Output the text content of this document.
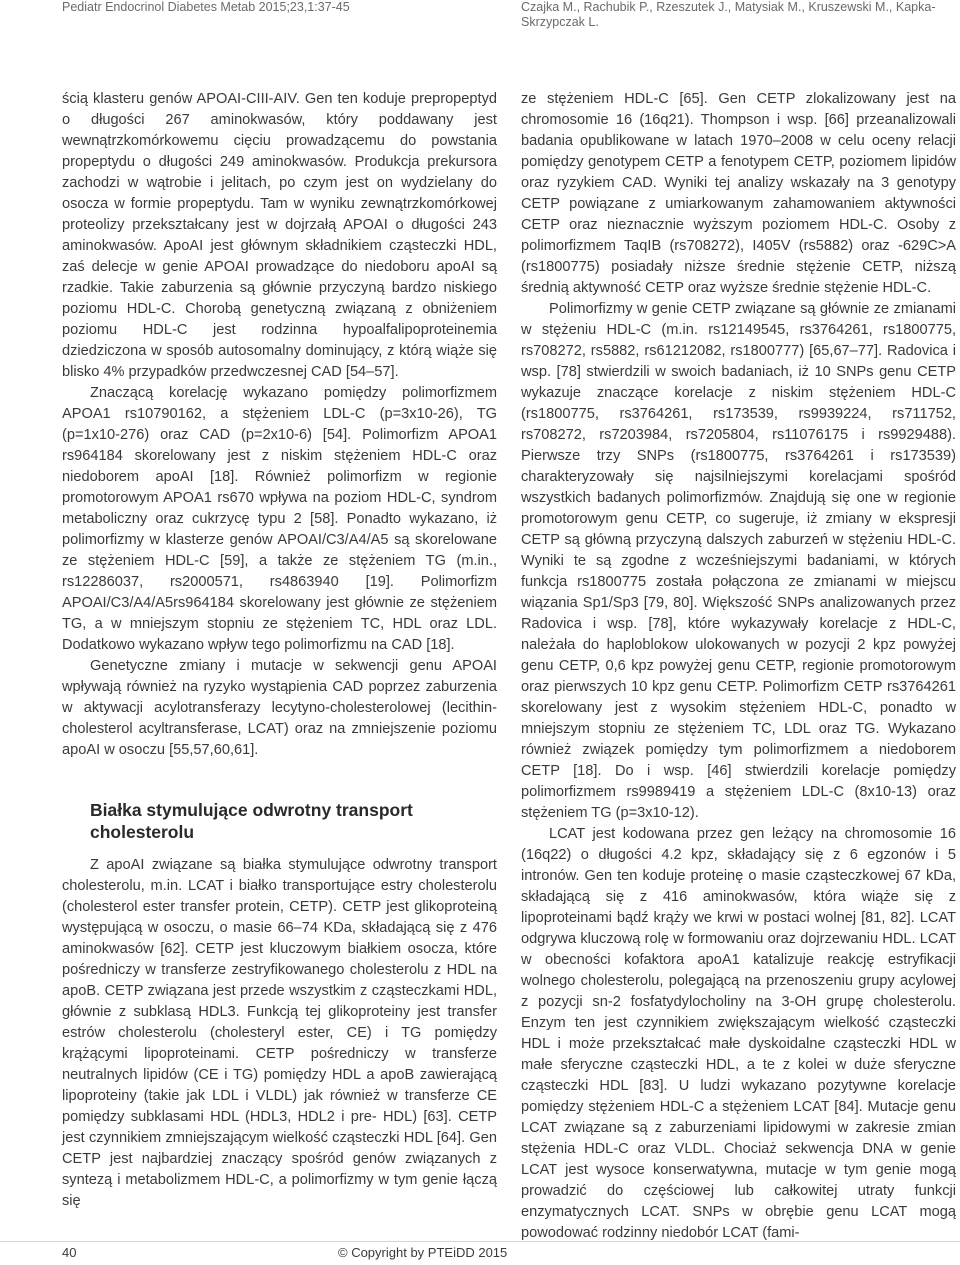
Pediatr Endocrinol Diabetes Metab 2015;23,1:37-45	Czajka M., Rachubik P., Rzeszutek J., Matysiak M., Kruszewski M., Kapka-Skrzypczak L.

ścią klasteru genów APOAI-CIII-AIV. Gen ten koduje prepropeptyd o długości 267 aminokwasów, który poddawany jest wewnątrzkomórkowemu cięciu prowadzącemu do powstania propeptydu o długości 249 aminokwasów. Produkcja prekursora zachodzi w wątrobie i jelitach, po czym jest on wydzielany do osocza w formie propeptydu. Tam w wyniku zewnątrzkomórkowej proteolizy przekształcany jest w dojrzałą APOAI o długości 243 aminokwasów. ApoAI jest głównym składnikiem cząsteczki HDL, zaś delecje w genie APOAI prowadzące do niedoboru apoAI są rzadkie. Takie zaburzenia są głównie przyczyną bardzo niskiego poziomu HDL-C. Chorobą genetyczną związaną z obniżeniem poziomu HDL-C jest rodzinna hypoalfalipoproteinemia dziedziczona w sposób autosomalny dominujący, z którą wiąże się blisko 4% przypadków przedwczesnej CAD [54–57].

Znaczącą korelację wykazano pomiędzy polimorfizmem APOA1 rs10790162, a stężeniem LDL-C (p=3x10-26), TG (p=1x10-276) oraz CAD (p=2x10-6) [54]. Polimorfizm APOA1 rs964184 skorelowany jest z niskim stężeniem HDL-C oraz niedoborem apoAI [18]. Również polimorfizm w regionie promotorowym APOA1 rs670 wpływa na poziom HDL-C, syndrom metaboliczny oraz cukrzycę typu 2 [58]. Ponadto wykazano, iż polimorfizmy w klasterze genów APOAI/C3/A4/A5 są skorelowane ze stężeniem HDL-C [59], a także ze stężeniem TG (m.in., rs12286037, rs2000571, rs4863940 [19]. Polimorfizm APOAI/C3/A4/A5rs964184 skorelowany jest głównie ze stężeniem TG, a w mniejszym stopniu ze stężeniem TC, HDL oraz LDL. Dodatkowo wykazano wpływ tego polimorfizmu na CAD [18].

Genetyczne zmiany i mutacje w sekwencji genu APOAI wpływają również na ryzyko wystąpienia CAD poprzez zaburzenia w aktywacji acylotransferazy lecytyno-cholesterolowej (lecithin-cholesterol acyltransferase, LCAT) oraz na zmniejszenie poziomu apoAI w osoczu [55,57,60,61].

Białka stymulujące odwrotny transport cholesterolu

Z apoAI związane są białka stymulujące odwrotny transport cholesterolu, m.in. LCAT i białko transportujące estry cholesterolu (cholesterol ester transfer protein, CETP). CETP jest glikoproteiną występującą w osoczu, o masie 66–74 KDa, składającą się z 476 aminokwasów [62]. CETP jest kluczowym białkiem osocza, które pośredniczy w transferze zestryfikowanego cholesterolu z HDL na apoB. CETP związana jest przede wszystkim z cząsteczkami HDL, głównie z subklasą HDL3. Funkcją tej glikoproteiny jest transfer estrów cholesterolu (cholesteryl ester, CE) i TG pomiędzy krążącymi lipoproteinami. CETP pośredniczy w transferze neutralnych lipidów (CE i TG) pomiędzy HDL a apoB zawierającą lipoproteiny (takie jak LDL i VLDL) jak również w transferze CE pomiędzy subklasami HDL (HDL3, HDL2 i pre- HDL) [63]. CETP jest czynnikiem zmniejszającym wielkość cząsteczki HDL [64]. Gen CETP jest najbardziej znaczący spośród genów związanych z syntezą i metabolizmem HDL-C, a polimorfizmy w tym genie łączą się

ze stężeniem HDL-C [65]. Gen CETP zlokalizowany jest na chromosomie 16 (16q21). Thompson i wsp. [66] przeanalizowali badania opublikowane w latach 1970–2008 w celu oceny relacji pomiędzy genotypem CETP a fenotypem CETP, poziomem lipidów oraz ryzykiem CAD. Wyniki tej analizy wskazały na 3 genotypy CETP powiązane z umiarkowanym zahamowaniem aktywności CETP oraz nieznacznie wyższym poziomem HDL-C. Osoby z polimorfizmem TaqIB (rs708272), I405V (rs5882) oraz -629C>A (rs1800775) posiadały niższe średnie stężenie CETP, niższą średnią aktywność CETP oraz wyższe średnie stężenie HDL-C.

Polimorfizmy w genie CETP związane są głównie ze zmianami w stężeniu HDL-C (m.in. rs12149545, rs3764261, rs1800775, rs708272, rs5882, rs61212082, rs1800777) [65,67–77]. Radovica i wsp. [78] stwierdzili w swoich badaniach, iż 10 SNPs genu CETP wykazuje znaczące korelacje z niskim stężeniem HDL-C (rs1800775, rs3764261, rs173539, rs9939224, rs711752, rs708272, rs7203984, rs7205804, rs11076175 i rs9929488). Pierwsze trzy SNPs (rs1800775, rs3764261 i rs173539) charakteryzowały się najsilniejszymi korelacjami spośród wszystkich badanych polimorfizmów. Znajdują się one w regionie promotorowym genu CETP, co sugeruje, iż zmiany w ekspresji CETP są główną przyczyną dalszych zaburzeń w stężeniu HDL-C. Wyniki te są zgodne z wcześniejszymi badaniami, w których funkcja rs1800775 została połączona ze zmianami w miejscu wiązania Sp1/Sp3 [79, 80]. Większość SNPs analizowanych przez Radovica i wsp. [78], które wykazywały korelacje z HDL-C, należała do haploblokow ulokowanych w pozycji 2 kpz powyżej genu CETP, 0,6 kpz powyżej genu CETP, regionie promotorowym oraz pierwszych 10 kpz genu CETP. Polimorfizm CETP rs3764261 skorelowany jest z wysokim stężeniem HDL-C, ponadto w mniejszym stopniu ze stężeniem TC, LDL oraz TG. Wykazano również związek pomiędzy tym polimorfizmem a niedoborem CETP [18]. Do i wsp. [46] stwierdzili korelacje pomiędzy polimorfizmem rs9989419 a stężeniem LDL-C (8x10-13) oraz stężeniem TG (p=3x10-12).

LCAT jest kodowana przez gen leżący na chromosomie 16 (16q22) o długości 4.2 kpz, składający się z 6 egzonów i 5 intronów. Gen ten koduje proteinę o masie cząsteczkowej 67 kDa, składającą się z 416 aminokwasów, która wiąże się z lipoproteinami bądź krąży we krwi w postaci wolnej [81, 82]. LCAT odgrywa kluczową rolę w formowaniu oraz dojrzewaniu HDL. LCAT w obecności kofaktora apoA1 katalizuje reakcję estryfikacji wolnego cholesterolu, polegającą na przenoszeniu grupy acylowej z pozycji sn-2 fosfatydylocholiny na 3-OH grupę cholesterolu. Enzym ten jest czynnikiem zwiększającym wielkość cząsteczki HDL i może przekształcać małe dyskoidalne cząsteczki HDL w małe sferyczne cząsteczki HDL, a te z kolei w duże sferyczne cząsteczki HDL [83]. U ludzi wykazano pozytywne korelacje pomiędzy stężeniem HDL-C a stężeniem LCAT [84]. Mutacje genu LCAT związane są z zaburzeniami lipidowymi w zakresie zmian stężenia HDL-C oraz VLDL. Chociaż sekwencja DNA w genie LCAT jest wysoce konserwatywna, mutacje w tym genie mogą prowadzić do częściowej lub całkowitej utraty funkcji enzymatycznych LCAT. SNPs w obrębie genu LCAT mogą powodować rodzinny niedobór LCAT (fami-

40	© Copyright by PTEiDD 2015
